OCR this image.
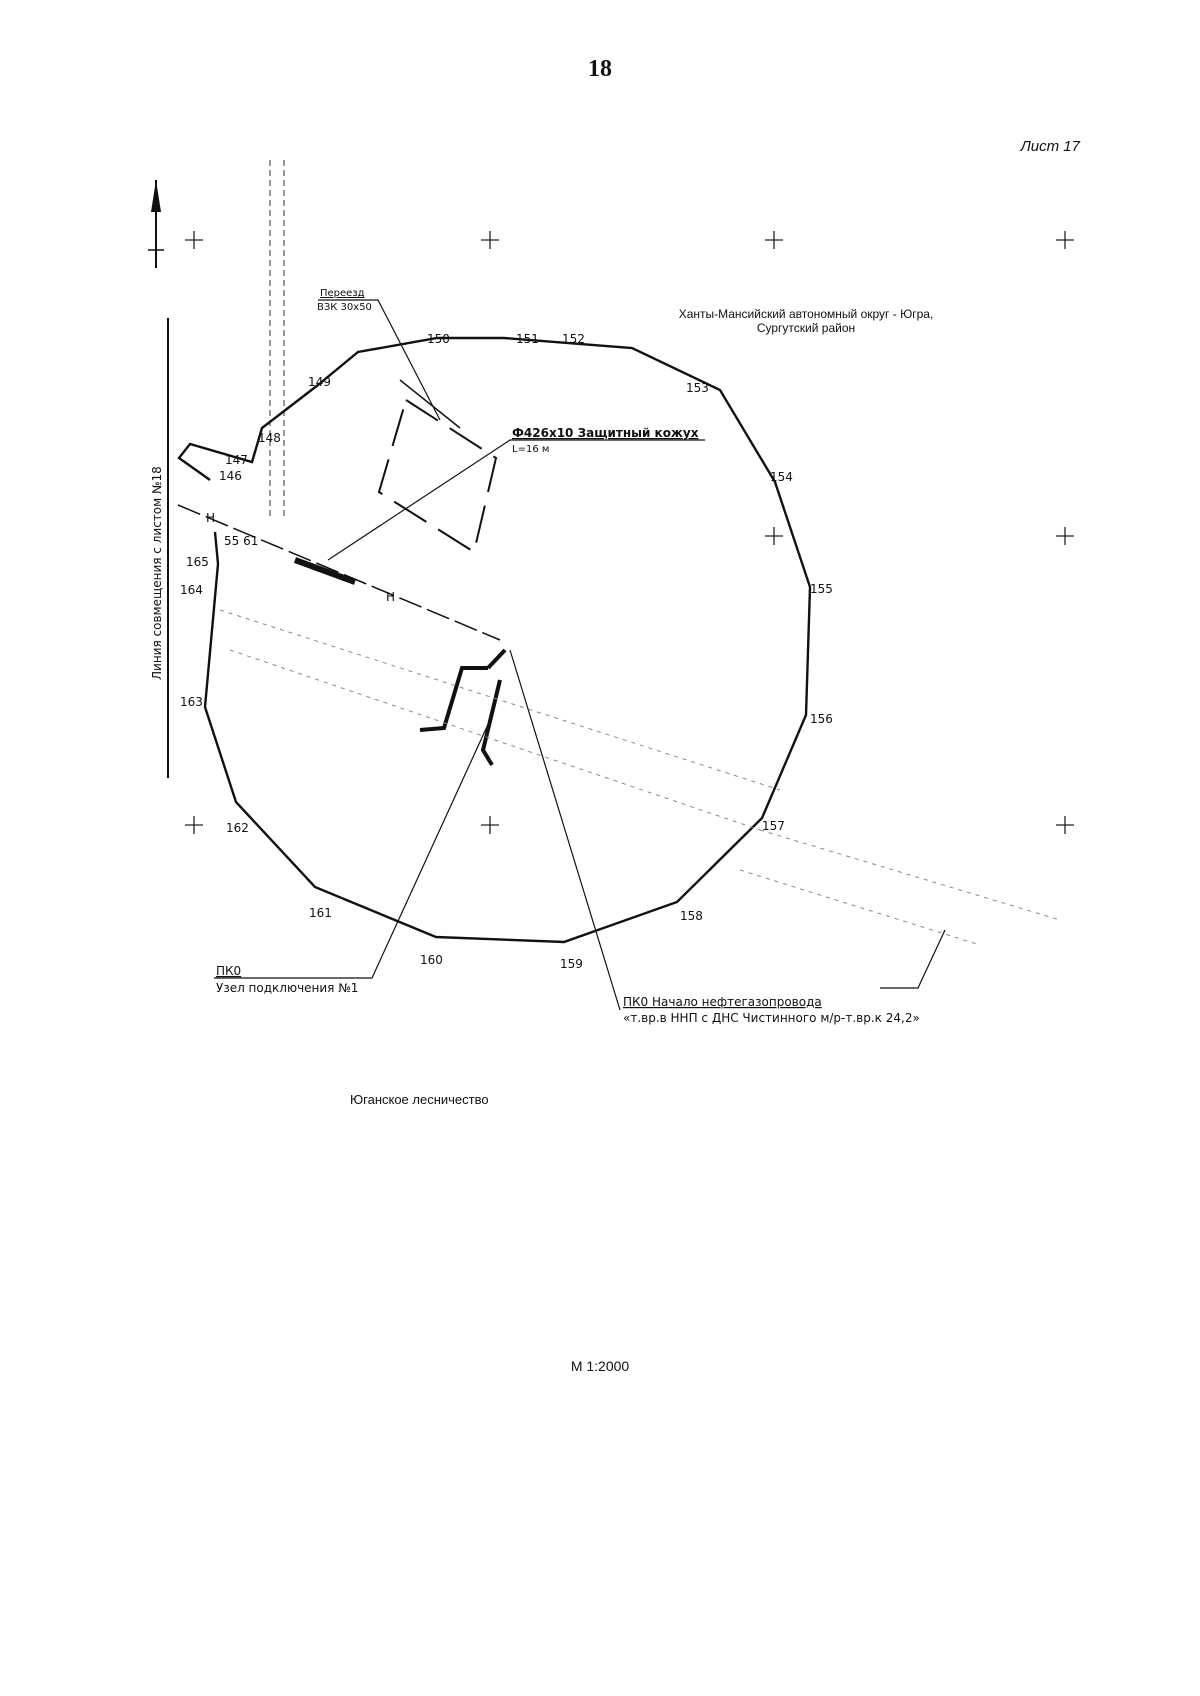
18
Лист 17
Линия совмещения с листом №18	146
147
148
149
150	151 152
153
154
155
156
157
158
159
160
161
162
163
164
165
55 61
Н
Н
Переезд
ВЗК 30х50
Ф426х10 Защитный кожух
L=16 м
ПК0
Узел подключения №1
ПК0 Начало нефтегазопровода
«т.вр.в ННП с ДНС Чистинного м/р-т.вр.к 24,2»
Ханты-Мансийский автономный округ - Югра,
Сургутский район
Юганское лесничество
М 1:2000
